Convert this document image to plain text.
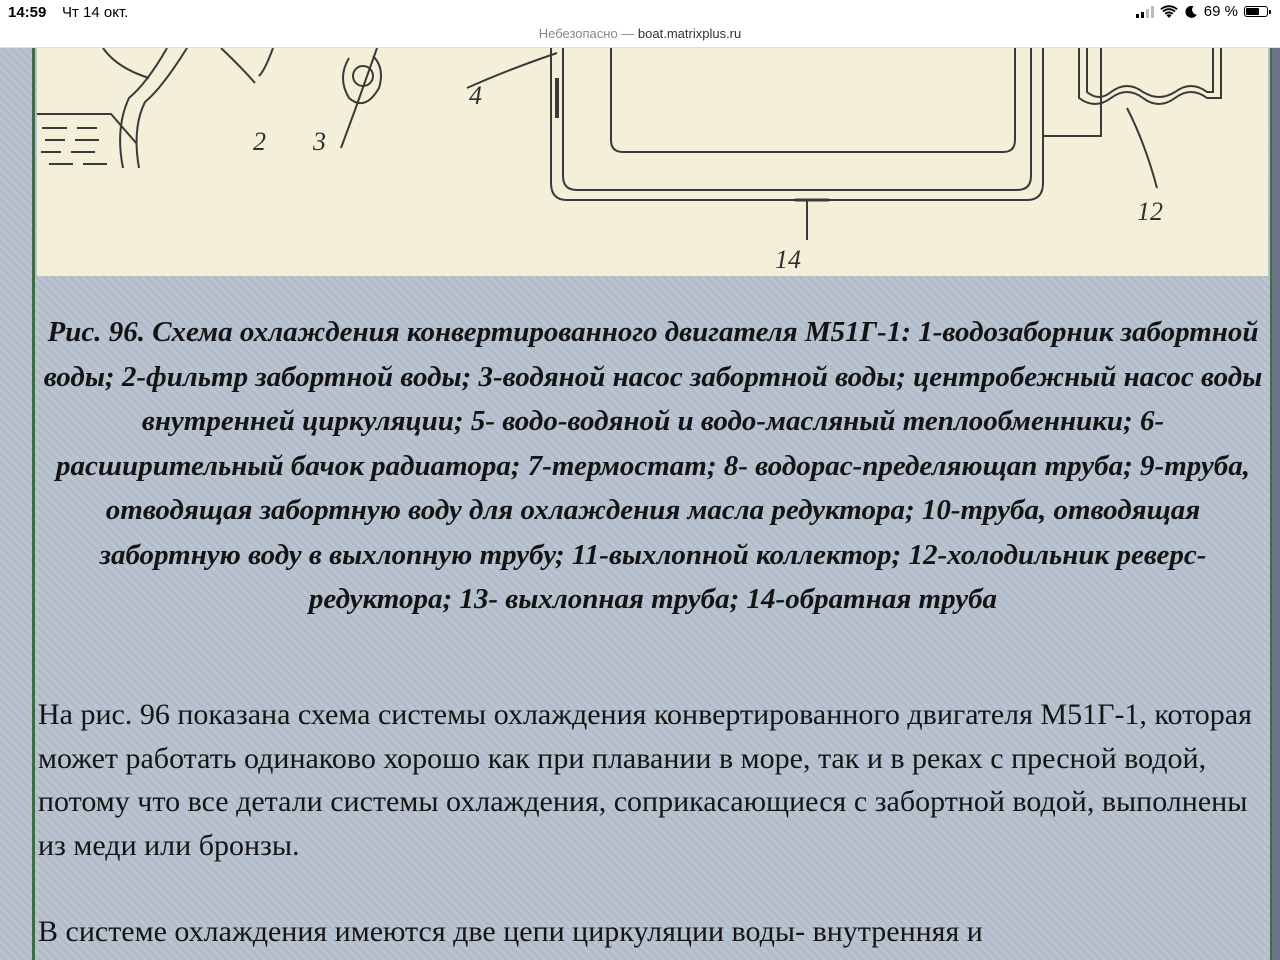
14:59 Чт 14 окт.	69 %
Небезопасно — boat.matrixplus.ru
2 3
4
12
14

Рис. 96. Схема охлаждения конвертированного двигателя М51Г-1: 1-водозаборник забортной воды; 2-фильтр забортной воды; 3-водяной насос забортной воды; центробежный насос воды внутренней циркуляции; 5- водо-водяной и водо-масляный теплообменники; 6-расширительный бачок радиатора; 7-термостат; 8- водорас-пределяющап труба; 9-труба, отводящая забортную воду для охлаждения масла редуктора; 10-труба, отводящая забортную воду в выхлопную трубу; 11-выхлопной коллектор; 12-холодильник реверс-редуктора; 13- выхлопная труба; 14-обратная труба

На рис. 96 показана схема системы охлаждения конвертированного двигателя М51Г-1, которая может работать одинаково хорошо как при плавании в море, так и в реках с пресной водой, потому что все детали системы охлаждения, соприкасающиеся с забортной водой, выполнены из меди или бронзы.

В системе охлаждения имеются две цепи циркуляции воды- внутренняя и
